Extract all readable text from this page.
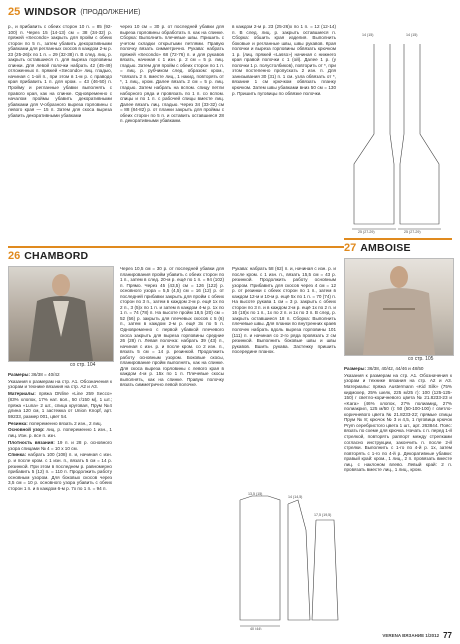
25 WINDSOR (ПРОДОЛЖЕНИЕ)

р., и прибавить с обеих сторон 10 п. = 85 (92-100) п. Через 15 (14-13) см = 38 (34-32) р. пряжей «Secondo» закрыть для пройм с обеих сторон по 5 п., затем убавить декоративными убавками для регланных скосов в каждом 2-м р. 23 (25-26)x по 1 п. = 29 (32-38) п. В след. лиц. р. закрыть оставшиеся п. для выреза горловины спинки. Для левой полочки набрать 42 (45-49) отложенных п. пряжей «Secondo» лиц. гладью, начиная с 1-ой п., при этом в 1-м р. с праводо края прибавить 1 п. для кром. = 43 (46-50) п. Пройму и регланные убавки выполнять с правого края, как на спинке. Одновременно с началом проймы убавить декоративными убавками для V-образного выреза горловины с левого края — 15 п. Затем для скоса выреза убавить декоративными убавками

через 10 см = 30 р. от последней убавки для выреза горловины обработать п. как на спинке. Сборка: Выполнить плечевые швы. Пришить с учетом складки открытыми петлями. Правую полочку вязать симметрично. Рукава: набрать пряжей «Secondo» 68 (72-76) п. и для рукавов вязать, начиная с 1 изн. р. 2 см = 5 р. лиц. гладью. Затем для пройм с обеих сторон по 1 п. = лиц. р. рубчиком след. образом: кром., *связать 2 п. вместе лиц., 1 накид, повторять от *, 1 лиц., кром. Далее вязать 2 см = 5 р. лиц. гладью. Затем набрать на вспом. спицу петли наборного ряда и провязать по 1 п. со вспом. спицы и по 1 п. с рабочей спицы вместе лиц. Далее вязать лиц. гладью. Через 34 (33-32) см = 88 (84-82) р. от планки закрыть для проймы с обеих сторон по 5 п. и оставить оставшиеся 28 п. декоративными убавками.

в каждом 2-м р. 23 (25-26)x по 1 п. = 12 (12-14) п. В след. лиц. р. закрыть оставшиеся п. Сборка: обшить края изделия. Выполнить боковые и регланные швы, швы рукавов. Края полочки и выреза горловины обвязать крючком 1 р. (лиц. пряжей «Lasso») начиная с нижнего края правой полочки с 1 (ой). Далее 1 р. (у полочки 1 р. полустолбиков), повторить от *, при этом постепенно пропускать 2 изн. п. Для занизывания 30 (31) п. 1 см. узла обвязать от *, вязание 1 см крючком обвязать планку крючком. Затем швы убавками вниз 50 см = 130 р. Пришить пуговицы по обвязке полочки.

14 (15)	14 (15)
25 (27-29)	25 (27-29)
26 CHAMBORD
со стр. 104

Размеры: 36/38 = 40/42

Указания к размерам на стр. А1. Обозначения к узорам и технике вязания на стр. А2 и А3.

Материалы: пряжа DNline «Line 259 Secco» (83% хлопок, 17% нат. вол., 50 г/150 м), 1 шт.; пряжа «Luna» 2 шт., спица круговая, Прум №4 длина 120 см, 1 застежка от Union Knopf, арт. 59233, размер 001, цвет 54.

Резинка: попеременно вязать 2 изн., 2 лиц.

Основной узор: лиц. р. попеременно 1 изн., 1 лиц. Изн. р. все п. изн.

Плотность вязания: 19 п. и 28 р. основного узора спицами № 4 = 10 x 10 см.

Спинка: набрать 100 (108) п. и, начиная с изн. р. и после кром. с 1 изн. п., вязать 5 см = 14 р. резинкой. При этом в последнем р. равномерно прибавить 5 (12) п. = 110 п. Продолжить работу основным узором. Для боковых скосов через 3,5 см = 10 р. основного узора убавить с обеих сторон 1 п. и в каждом 6-м р. 7x по 1 п. = 94 п.

Через 10,5 см = 30 р. от последней убавки для планирования пройм убавить с обеих сторон по 1 п., затем в след. 20-м р. ещё по 1 п. = 94 (102) п. Прямо. Через 45 (43,5) см = 126 (122) р. основного узора = 5,5 (4,5) см = 16 (12) р. от последней прибавки закрыть для пройм с обеих сторон по 3 п., затем в каждом 2-м р. ещё 1x по 2 п., 3 (5)x по 1 п. и затем в каждом 4-м р. 1x по 1 п. = 74 (78) п. На высоте пройм 18,5 (20) см = 52 (56) р. закрыть для плечевых скосов с 5 (6) п., затем в каждом 2-м р. ещё 3x по 5 п. Одновременно с первой убавкой плечевого скоса закрыть для выреза горловины средние 26 (28) п. Левая полочка: набрать 39 (43) п., начиная с изн. р. и после кром. со 2 изн. п., вязать 5 см = 14 р. резинкой. Продолжить работу основным узором. Боковые скосы, планирование пройм выполнять, как на спинке. Для скоса выреза горловины с левого края в каждом 4-м р. 15x по 1 п. Плечевые скосы выполнять, как на спинке. Правую полочку вязать симметрично левой полочке.

Рукава: набрать 58 (62) п. и, начиная с изн. р. и после кром. с 1 изн. п., вязать 15,5 см = 43 р. резинкой. Продолжить работу основным узором. Прибавить для скосов через 4 см = 12 р. от резинки с обеих сторон по 1 п., затем в каждом 12-м и 10-м р. ещё 5x по 1 п. = 70 (74) п. На высоте рукава 1 см = 3 р. закрыть с обеих сторон по 3 п. и в каждом 2-м р. ещё 1x по 2 п. и 16 (18)x по 1 п., 1x по 2 п. и 1x по 3 п. В след. р. закрыть оставшиеся 18 п. Сборка: Выполнить плечевые швы. Для планки по внутренних краев полочек набрать вдоль выреза горловины 101 (111) п. и начиная со 2-го ряда провязать 2 см резинкой. Выполнить боковые швы и швы рукавов. Вшить рукава. Застежку пришить посередине планок.

13,5 (15)
40 (44)
14 (14,5)
17,5 (19,5)
27 AMBOISE
со стр. 105

Размеры: 36/38, 40/42, 44/46 и 48/50

Указания к размерам на стр. А1. Обозначения к узорам и технике вязания на стр. А2 и А3. Материалы: пряжа Austermann «Kid Silk» (75% кидмохер, 25% шелк, 225 м/25 г): 100 (125-125-150) г светло-коричневого цвета № 21.8233-23 и «Kara» (46% хлопок, 27% полиамид, 27% полиакрил, 125 м/50 г): 50 (50-100-100) г светло-коричневого цвета № 21.8233-22; прямые спицы Прум № 8; крючок № 3 и 4,5, 1 пуговица крючок Prym серебристого цвета 1 шт., арт. 263844. Пояс: вязать по схеме для крючка. Начать с п. перед 1-й стрелкой, повторять раппорт между стрелками согласно инструкции, закончить п. после 2-й стрелки. Выполнить с 1-го по 4-й р. 1x, затем повторять с 1-го по 4-й р. Декоративные убавки: правый край: кром., 1 лиц., 2 п. провязать вместе лиц. с наклоном влево. Левый край: 2 п. провязать вместе лиц., 1 лиц., кром.

VERENA ВЯЗАНИЕ 1/2012 77
